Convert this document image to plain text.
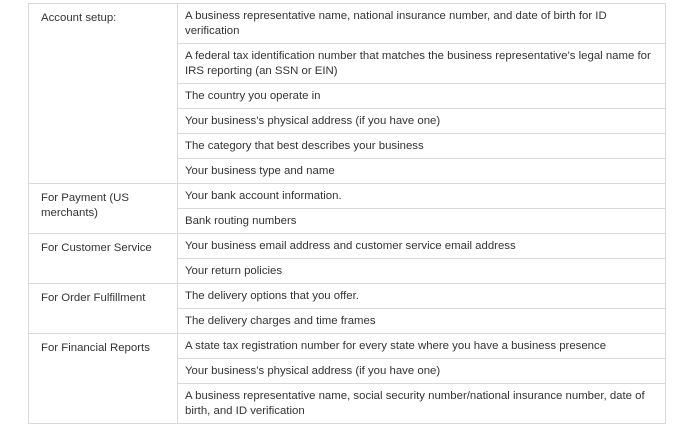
Account setup:	A business representative name, national insurance number, and date of birth for ID verification
	A federal tax identification number that matches the business representative’s legal name for IRS reporting (an SSN or EIN)
	The country you operate in
	Your business’s physical address (if you have one)
	The category that best describes your business
	Your business type and name
For Payment (US merchants)	Your bank account information.
	Bank routing numbers
For Customer Service	Your business email address and customer service email address
	Your return policies
For Order Fulfillment	The delivery options that you offer.
	The delivery charges and time frames
For Financial Reports	A state tax registration number for every state where you have a business presence
	Your business’s physical address (if you have one)
	A business representative name, social security number/national insurance number, date of birth, and ID verification
